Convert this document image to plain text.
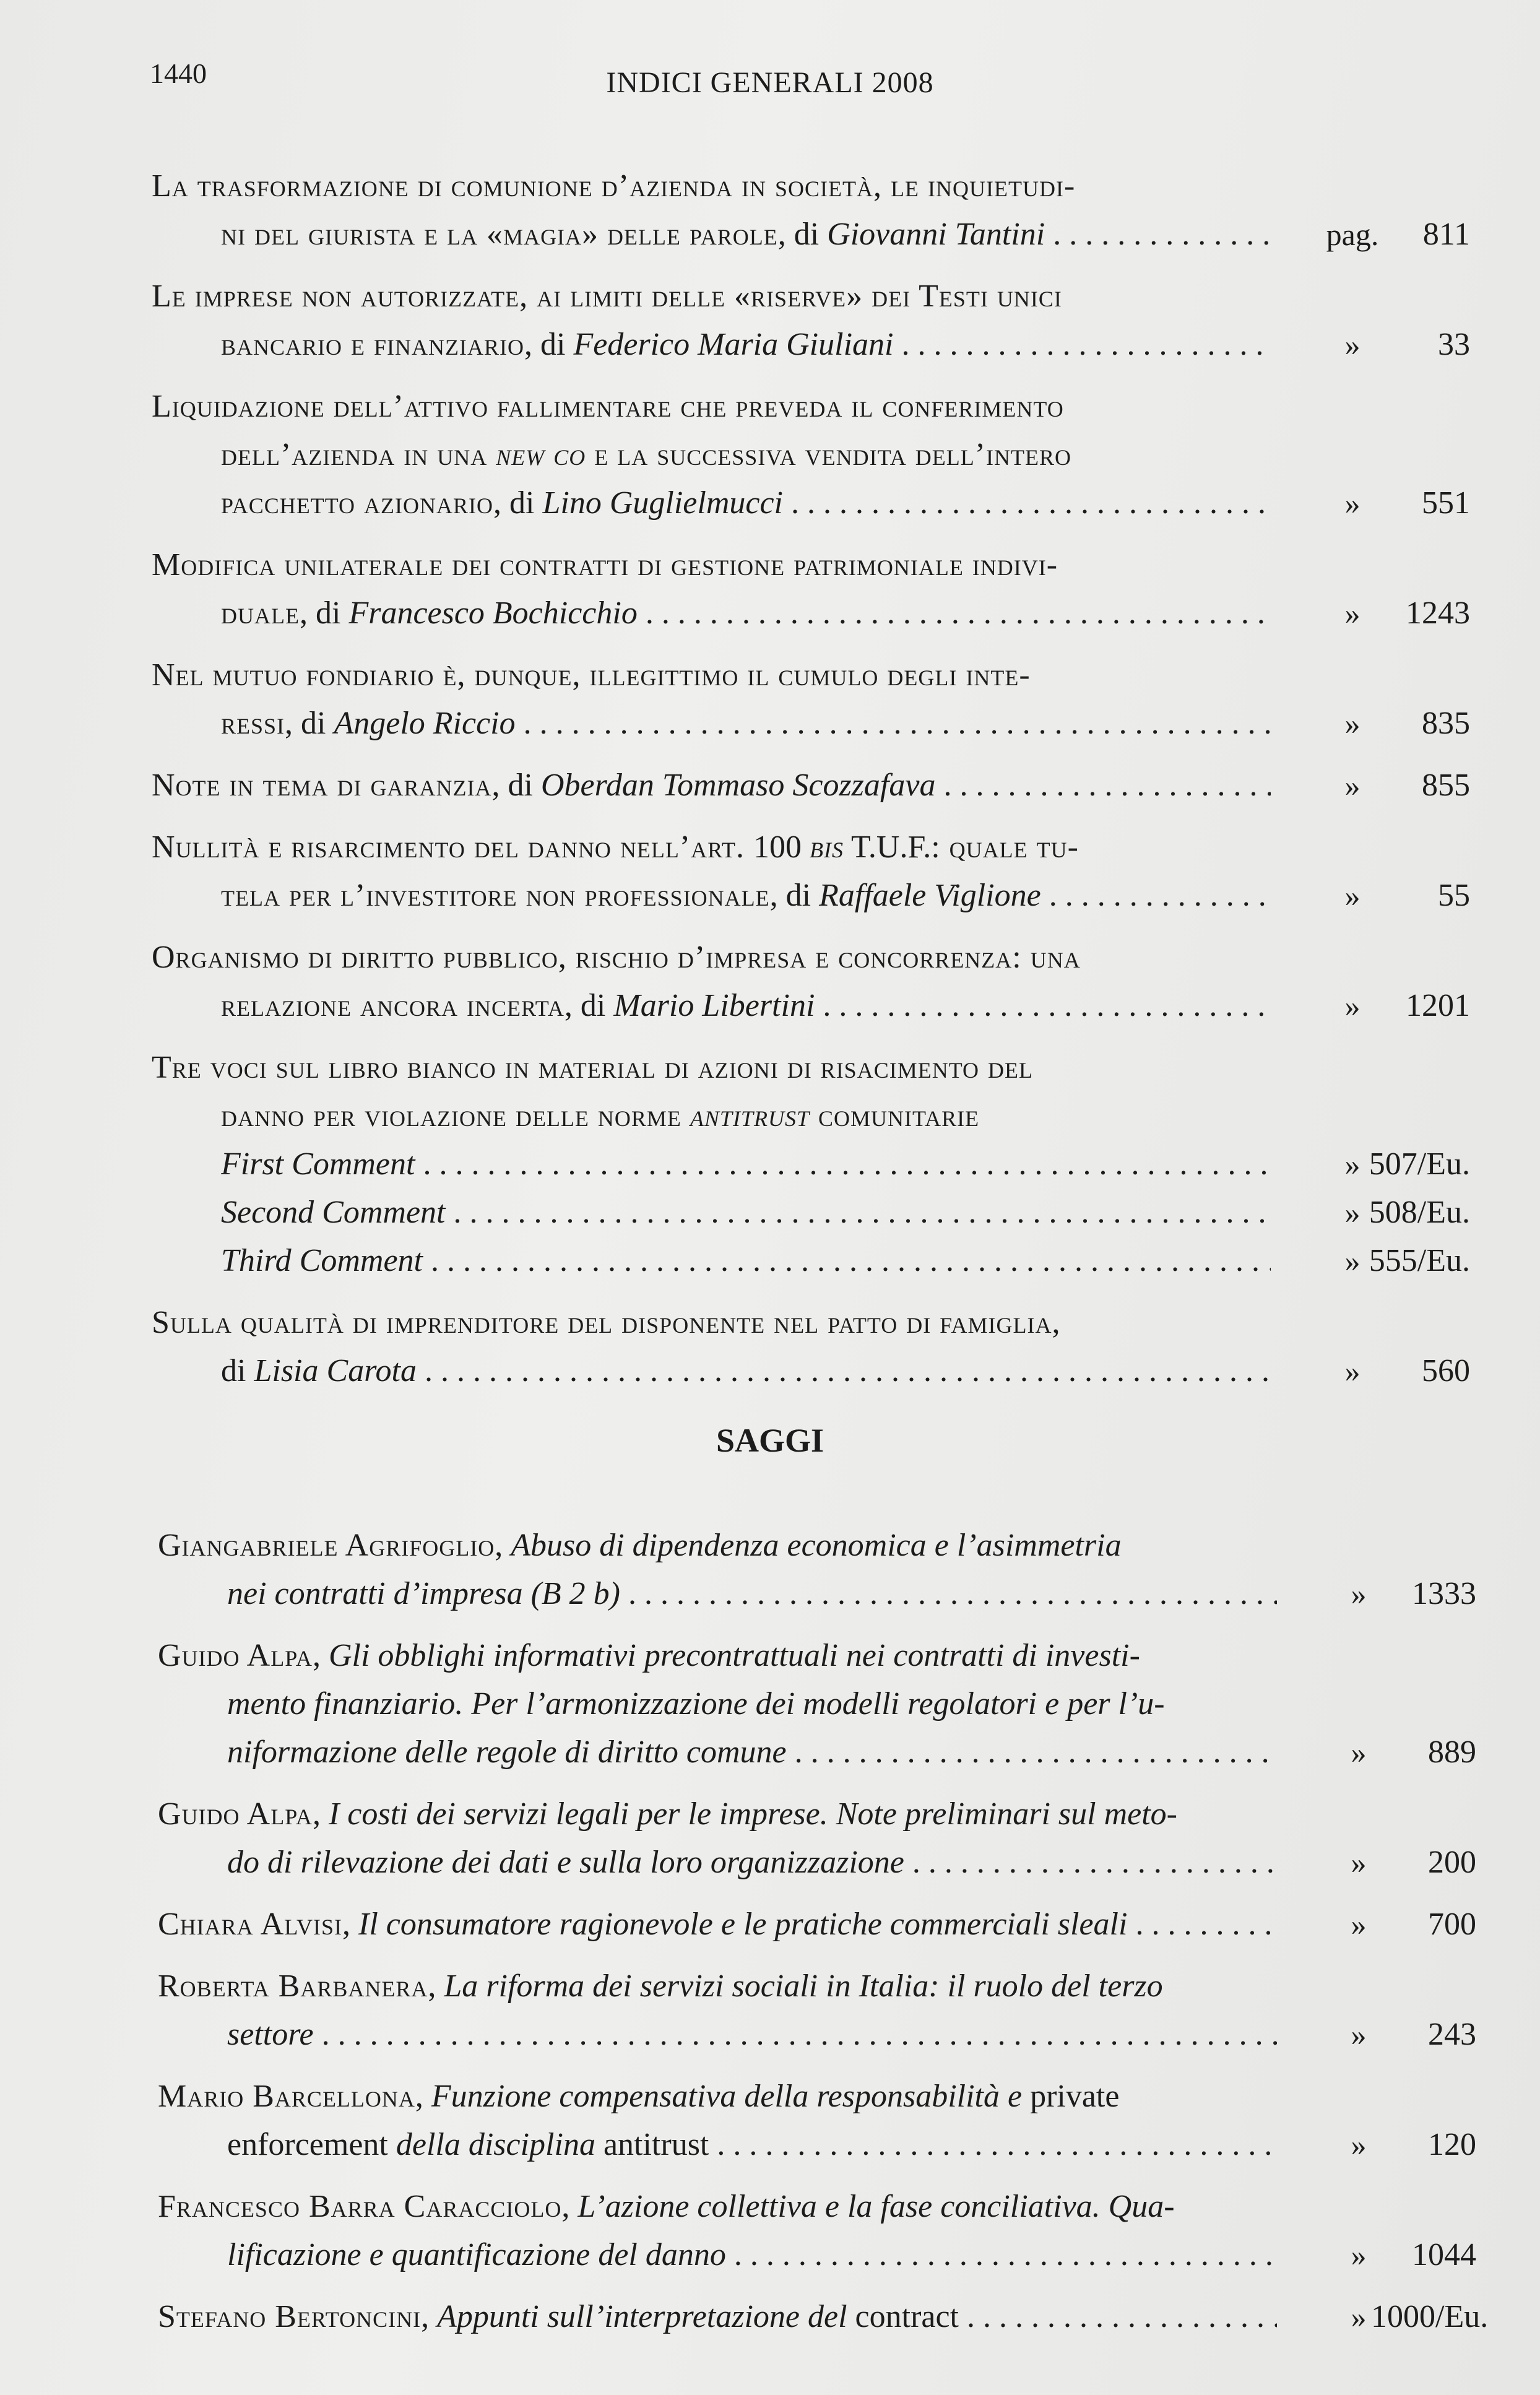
1440	INDICI GENERALI 2008
La trasformazione di comunione d’azienda in società, le inquietudi-
ni del giurista e la «magia» delle parole, di Giovanni Tantini . . .	pag.	811
Le imprese non autorizzate, ai limiti delle «riserve» dei Testi unici
bancario e finanziario, di Federico Maria Giuliani . . .	»	33
Liquidazione dell’attivo fallimentare che preveda il conferimento
dell’azienda in una new co e la successiva vendita dell’intero
pacchetto azionario, di Lino Guglielmucci . . .	»	551
Modifica unilaterale dei contratti di gestione patrimoniale indivi-
duale, di Francesco Bochicchio . . .	»	1243
Nel mutuo fondiario è, dunque, illegittimo il cumulo degli inte-
ressi, di Angelo Riccio . . .	»	835
Note in tema di garanzia, di Oberdan Tommaso Scozzafava . . .	»	855
Nullità e risarcimento del danno nell’art. 100 bis T.U.F.: quale tu-
tela per l’investitore non professionale, di Raffaele Viglione . . .	»	55
Organismo di diritto pubblico, rischio d’impresa e concorrenza: una
relazione ancora incerta, di Mario Libertini . . .	»	1201
Tre voci sul libro bianco in material di azioni di risacimento del
danno per violazione delle norme antitrust comunitarie
First Comment . . .	» 507/Eu.
Second Comment . . .	» 508/Eu.
Third Comment . . .	» 555/Eu.
Sulla qualità di imprenditore del disponente nel patto di famiglia,
di Lisia Carota . . .	»	560
SAGGI
Giangabriele Agrifoglio, Abuso di dipendenza economica e l’asimmetria
nei contratti d’impresa (B 2 b) . . .	»	1333
Guido Alpa, Gli obblighi informativi precontrattuali nei contratti di investi-
mento finanziario. Per l’armonizzazione dei modelli regolatori e per l’u-
niformazione delle regole di diritto comune . . .	»	889
Guido Alpa, I costi dei servizi legali per le imprese. Note preliminari sul meto-
do di rilevazione dei dati e sulla loro organizzazione . . .	»	200
Chiara Alvisi, Il consumatore ragionevole e le pratiche commerciali sleali . . .	»	700
Roberta Barbanera, La riforma dei servizi sociali in Italia: il ruolo del terzo
settore . . .	»	243
Mario Barcellona, Funzione compensativa della responsabilità e private
enforcement della disciplina antitrust . . .	»	120
Francesco Barra Caracciolo, L’azione collettiva e la fase conciliativa. Qua-
lificazione e quantificazione del danno . . .	»	1044
Stefano Bertoncini, Appunti sull’interpretazione del contract . . .	» 1000/Eu.
